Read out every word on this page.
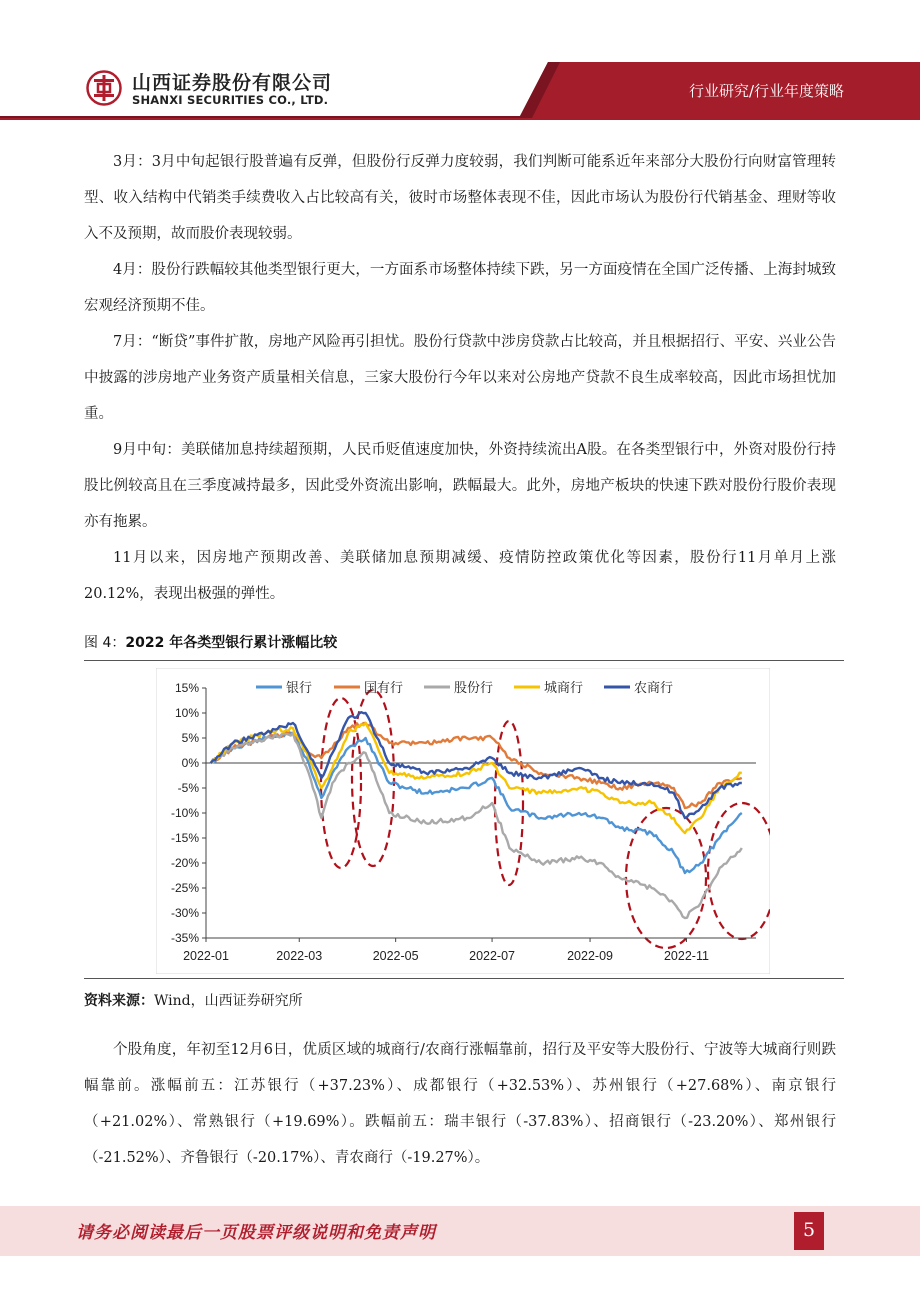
山西证券股份有限公司
SHANXI SECURITIES CO., LTD.	行业研究/行业年度策略

3月：3月中旬起银行股普遍有反弹，但股份行反弹力度较弱，我们判断可能系近年来部分大股份行向财富管理转型、收入结构中代销类手续费收入占比较高有关，彼时市场整体表现不佳，因此市场认为股份行代销基金、理财等收入不及预期，故而股价表现较弱。

4月：股份行跌幅较其他类型银行更大，一方面系市场整体持续下跌，另一方面疫情在全国广泛传播、上海封城致宏观经济预期不佳。

7月：“断贷”事件扩散，房地产风险再引担忧。股份行贷款中涉房贷款占比较高，并且根据招行、平安、兴业公告中披露的涉房地产业务资产质量相关信息，三家大股份行今年以来对公房地产贷款不良生成率较高，因此市场担忧加重。

9月中旬：美联储加息持续超预期，人民币贬值速度加快，外资持续流出A股。在各类型银行中，外资对股份行持股比例较高且在三季度减持最多，因此受外资流出影响，跌幅最大。此外，房地产板块的快速下跌对股份行股价表现亦有拖累。

11月以来，因房地产预期改善、美联储加息预期减缓、疫情防控政策优化等因素，股份行11月单月上涨20.12%，表现出极强的弹性。

图 4：2022 年各类型银行累计涨幅比较
15%
10%
5%
0%
-5%
-10%
-15%
-20%
-25%
-30%
-35%
2022-01	2022-03	2022-05	2022-07	2022-09	2022-11
银行	国有行	股份行	城商行	农商行
资料来源：Wind，山西证券研究所

个股角度，年初至12月6日，优质区域的城商行/农商行涨幅靠前，招行及平安等大股份行、宁波等大城商行则跌幅靠前。涨幅前五：江苏银行（+37.23%）、成都银行（+32.53%）、苏州银行（+27.68%）、南京银行（+21.02%）、常熟银行（+19.69%）。跌幅前五：瑞丰银行（-37.83%）、招商银行（-23.20%）、郑州银行（-21.52%）、齐鲁银行（-20.17%）、青农商行（-19.27%）。

请务必阅读最后一页股票评级说明和免责声明	5
